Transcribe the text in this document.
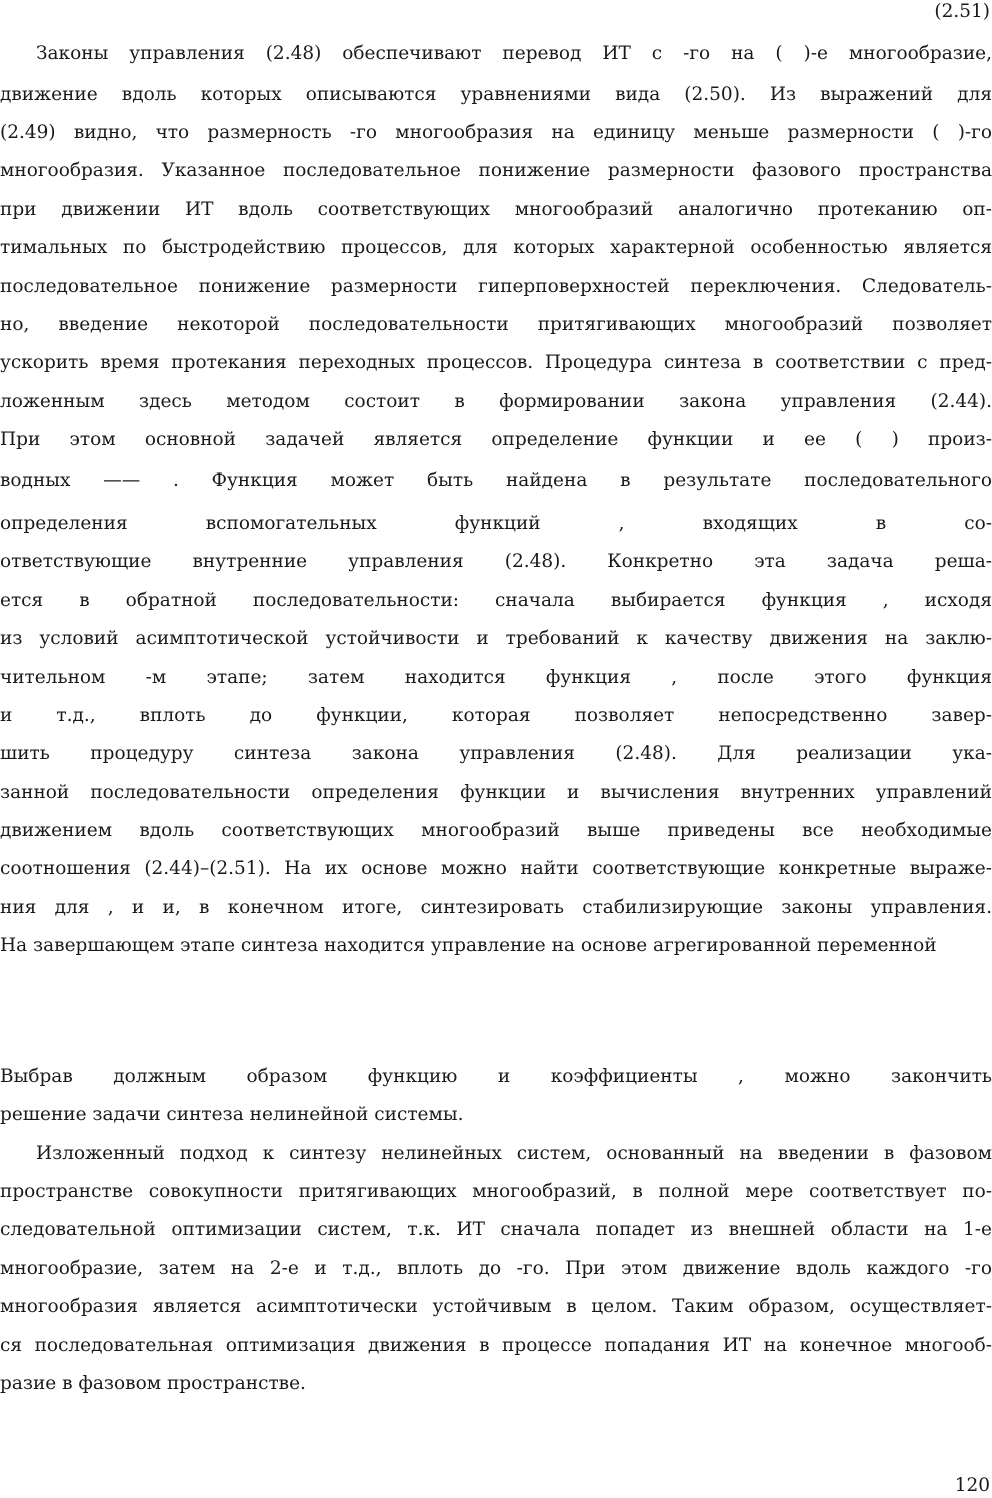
(2.51)

Законы управления (2.48) обеспечивают перевод ИТ с -го на ( )-е многообразие,

движение вдоль которых описываются уравнениями вида (2.50). Из выражений для

(2.49) видно, что размерность -го многообразия на единицу меньше размерности ( )-го

многообразия. Указанное последовательное понижение размерности фазового пространства

при движении ИТ вдоль соответствующих многообразий аналогично протеканию оп-

тимальных по быстродействию процессов, для которых характерной особенностью является

последовательное понижение размерности гиперповерхностей переключения. Следователь-

но, введение некоторой последовательности притягивающих многообразий позволяет

ускорить время протекания переходных процессов. Процедура синтеза в соответствии с пред-

ложенным здесь методом состоит в формировании закона управления (2.44).

При этом основной задачей является определение функции и ее ( ) произ-

водных —— . Функция может быть найдена в результате последовательного

определения вспомогательных функций , входящих в со-

ответствующие внутренние управления (2.48). Конкретно эта задача реша-

ется в обратной последовательности: сначала выбирается функция , исходя

из условий асимптотической устойчивости и требований к качеству движения на заклю-

чительном -м этапе; затем находится функция , после этого функция

и т.д., вплоть до функции, которая позволяет непосредственно завер-

шить процедуру синтеза закона управления (2.48). Для реализации ука-

занной последовательности определения функции и вычисления внутренних управлений

движением вдоль соответствующих многообразий выше приведены все необходимые

соотношения (2.44)–(2.51). На их основе можно найти соответствующие конкретные выраже-

ния для , и и, в конечном итоге, синтезировать стабилизирующие законы управления.

На завершающем этапе синтеза находится управление на основе агрегированной переменной

Выбрав должным образом функцию и коэффициенты , можно закончить

решение задачи синтеза нелинейной системы.

Изложенный подход к синтезу нелинейных систем, основанный на введении в фазовом

пространстве совокупности притягивающих многообразий, в полной мере соответствует по-

следовательной оптимизации систем, т.к. ИТ сначала попадет из внешней области на 1-е

многообразие, затем на 2-е и т.д., вплоть до -го. При этом движение вдоль каждого -го

многообразия является асимптотически устойчивым в целом. Таким образом, осуществляет-

ся последовательная оптимизация движения в процессе попадания ИТ на конечное многооб-

разие в фазовом пространстве.

120
